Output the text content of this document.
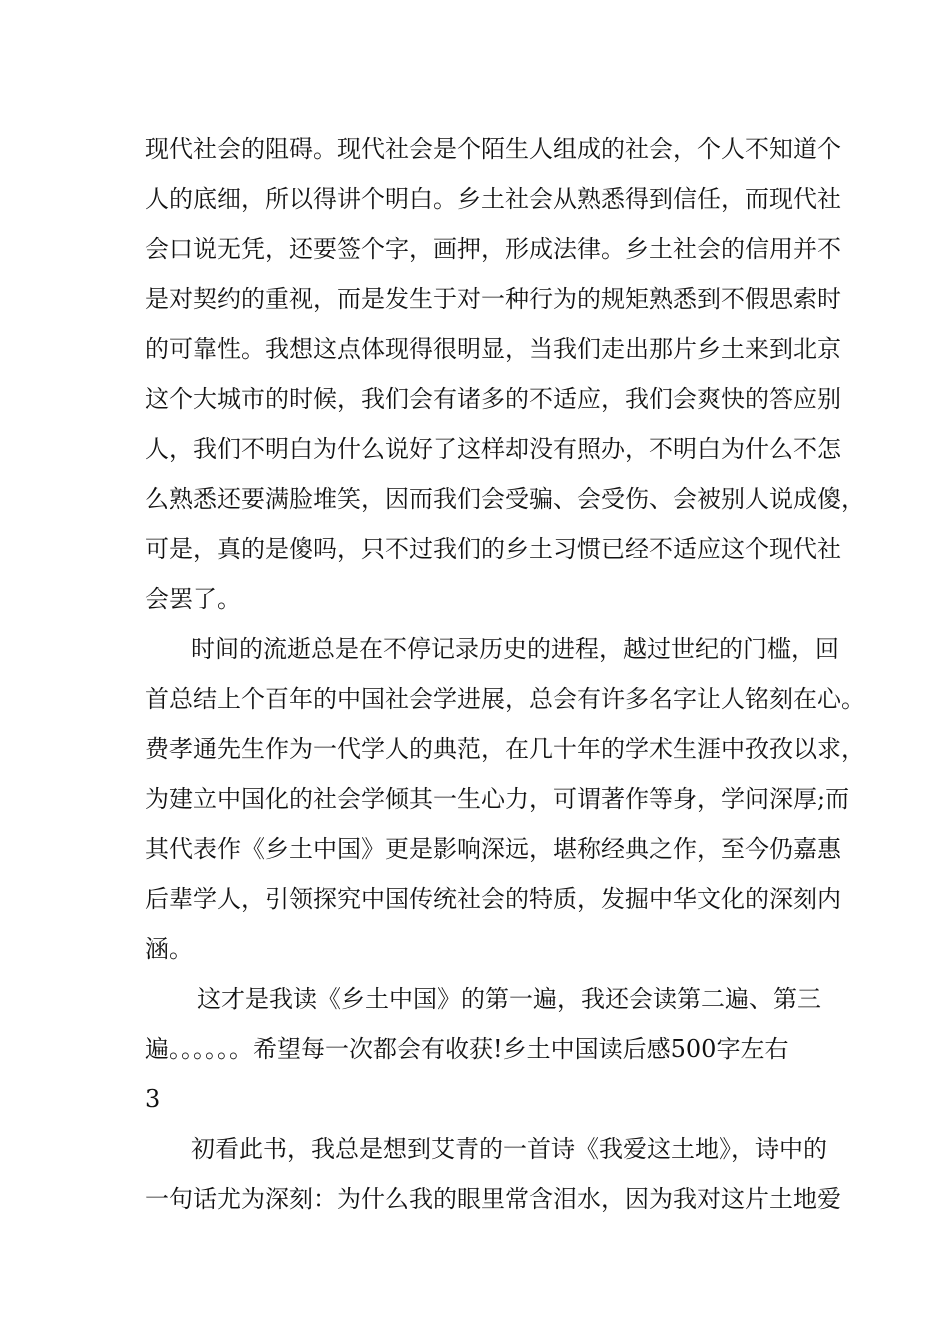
现代社会的阻碍。现代社会是个陌生人组成的社会，个人不知道个
人的底细，所以得讲个明白。乡土社会从熟悉得到信任，而现代社
会口说无凭，还要签个字，画押，形成法律。乡土社会的信用并不
是对契约的重视，而是发生于对一种行为的规矩熟悉到不假思索时
的可靠性。我想这点体现得很明显，当我们走出那片乡土来到北京
这个大城市的时候，我们会有诸多的不适应，我们会爽快的答应别
人，我们不明白为什么说好了这样却没有照办，不明白为什么不怎
么熟悉还要满脸堆笑，因而我们会受骗、会受伤、会被别人说成傻，
可是，真的是傻吗，只不过我们的乡土习惯已经不适应这个现代社
会罢了。
时间的流逝总是在不停记录历史的进程，越过世纪的门槛，回
首总结上个百年的中国社会学进展，总会有许多名字让人铭刻在心。
费孝通先生作为一代学人的典范，在几十年的学术生涯中孜孜以求，
为建立中国化的社会学倾其一生心力，可谓著作等身，学问深厚;而
其代表作《乡土中国》更是影响深远，堪称经典之作，至今仍嘉惠
后辈学人，引领探究中国传统社会的特质，发掘中华文化的深刻内
涵。
这才是我读《乡土中国》的第一遍，我还会读第二遍、第三
遍。。。。。。希望每一次都会有收获!乡土中国读后感500字左右
3
初看此书，我总是想到艾青的一首诗《我爱这土地》，诗中的
一句话尤为深刻：为什么我的眼里常含泪水，因为我对这片土地爱
